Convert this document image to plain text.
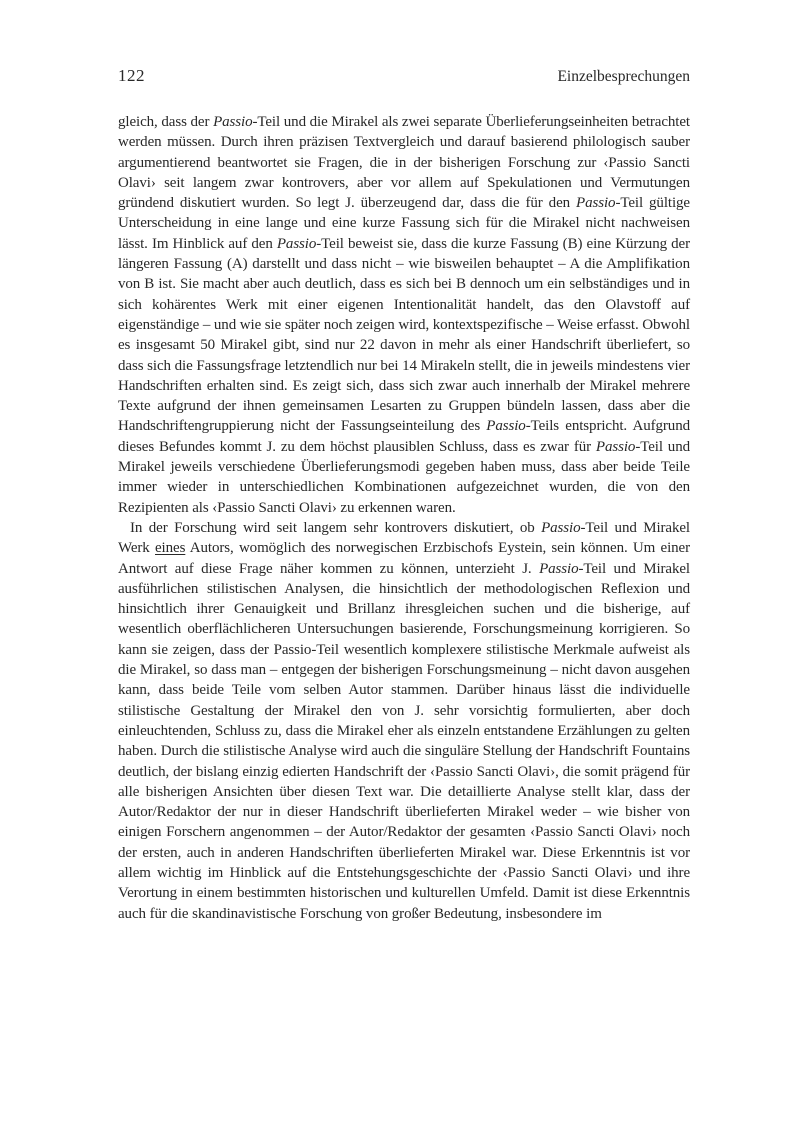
122	Einzelbesprechungen

gleich, dass der Passio-Teil und die Mirakel als zwei separate Überlieferungseinheiten betrachtet werden müssen. Durch ihren präzisen Textvergleich und darauf basierend philologisch sauber argumentierend beantwortet sie Fragen, die in der bisherigen Forschung zur ‹Passio Sancti Olavi› seit langem zwar kontrovers, aber vor allem auf Spekulationen und Vermutungen gründend diskutiert wurden. So legt J. überzeugend dar, dass die für den Passio-Teil gültige Unterscheidung in eine lange und eine kurze Fassung sich für die Mirakel nicht nachweisen lässt. Im Hinblick auf den Passio-Teil beweist sie, dass die kurze Fassung (B) eine Kürzung der längeren Fassung (A) darstellt und dass nicht – wie bisweilen behauptet – A die Amplifikation von B ist. Sie macht aber auch deutlich, dass es sich bei B dennoch um ein selbständiges und in sich kohärentes Werk mit einer eigenen Intentionalität handelt, das den Olavstoff auf eigenständige – und wie sie später noch zeigen wird, kontextspezifische – Weise erfasst. Obwohl es insgesamt 50 Mirakel gibt, sind nur 22 davon in mehr als einer Handschrift überliefert, so dass sich die Fassungsfrage letztendlich nur bei 14 Mirakeln stellt, die in jeweils mindestens vier Handschriften erhalten sind. Es zeigt sich, dass sich zwar auch innerhalb der Mirakel mehrere Texte aufgrund der ihnen gemeinsamen Lesarten zu Gruppen bündeln lassen, dass aber die Handschriftengruppierung nicht der Fassungseinteilung des Passio-Teils entspricht. Aufgrund dieses Befundes kommt J. zu dem höchst plausiblen Schluss, dass es zwar für Passio-Teil und Mirakel jeweils verschiedene Überlieferungsmodi gegeben haben muss, dass aber beide Teile immer wieder in unterschiedlichen Kombinationen aufgezeichnet wurden, die von den Rezipienten als ‹Passio Sancti Olavi› zu erkennen waren.

In der Forschung wird seit langem sehr kontrovers diskutiert, ob Passio-Teil und Mirakel Werk eines Autors, womöglich des norwegischen Erzbischofs Eystein, sein können. Um einer Antwort auf diese Frage näher kommen zu können, unterzieht J. Passio-Teil und Mirakel ausführlichen stilistischen Analysen, die hinsichtlich der methodologischen Reflexion und hinsichtlich ihrer Genauigkeit und Brillanz ihresgleichen suchen und die bisherige, auf wesentlich oberflächlicheren Untersuchungen basierende, Forschungsmeinung korrigieren. So kann sie zeigen, dass der Passio-Teil wesentlich komplexere stilistische Merkmale aufweist als die Mirakel, so dass man – entgegen der bisherigen Forschungsmeinung – nicht davon ausgehen kann, dass beide Teile vom selben Autor stammen. Darüber hinaus lässt die individuelle stilistische Gestaltung der Mirakel den von J. sehr vorsichtig formulierten, aber doch einleuchtenden, Schluss zu, dass die Mirakel eher als einzeln entstandene Erzählungen zu gelten haben. Durch die stilistische Analyse wird auch die singuläre Stellung der Handschrift Fountains deutlich, der bislang einzig edierten Handschrift der ‹Passio Sancti Olavi›, die somit prägend für alle bisherigen Ansichten über diesen Text war. Die detaillierte Analyse stellt klar, dass der Autor/Redaktor der nur in dieser Handschrift überlieferten Mirakel weder – wie bisher von einigen Forschern angenommen – der Autor/Redaktor der gesamten ‹Passio Sancti Olavi› noch der ersten, auch in anderen Handschriften überlieferten Mirakel war. Diese Erkenntnis ist vor allem wichtig im Hinblick auf die Entstehungsgeschichte der ‹Passio Sancti Olavi› und ihre Verortung in einem bestimmten historischen und kulturellen Umfeld. Damit ist diese Erkenntnis auch für die skandinavistische Forschung von großer Bedeutung, insbesondere im
